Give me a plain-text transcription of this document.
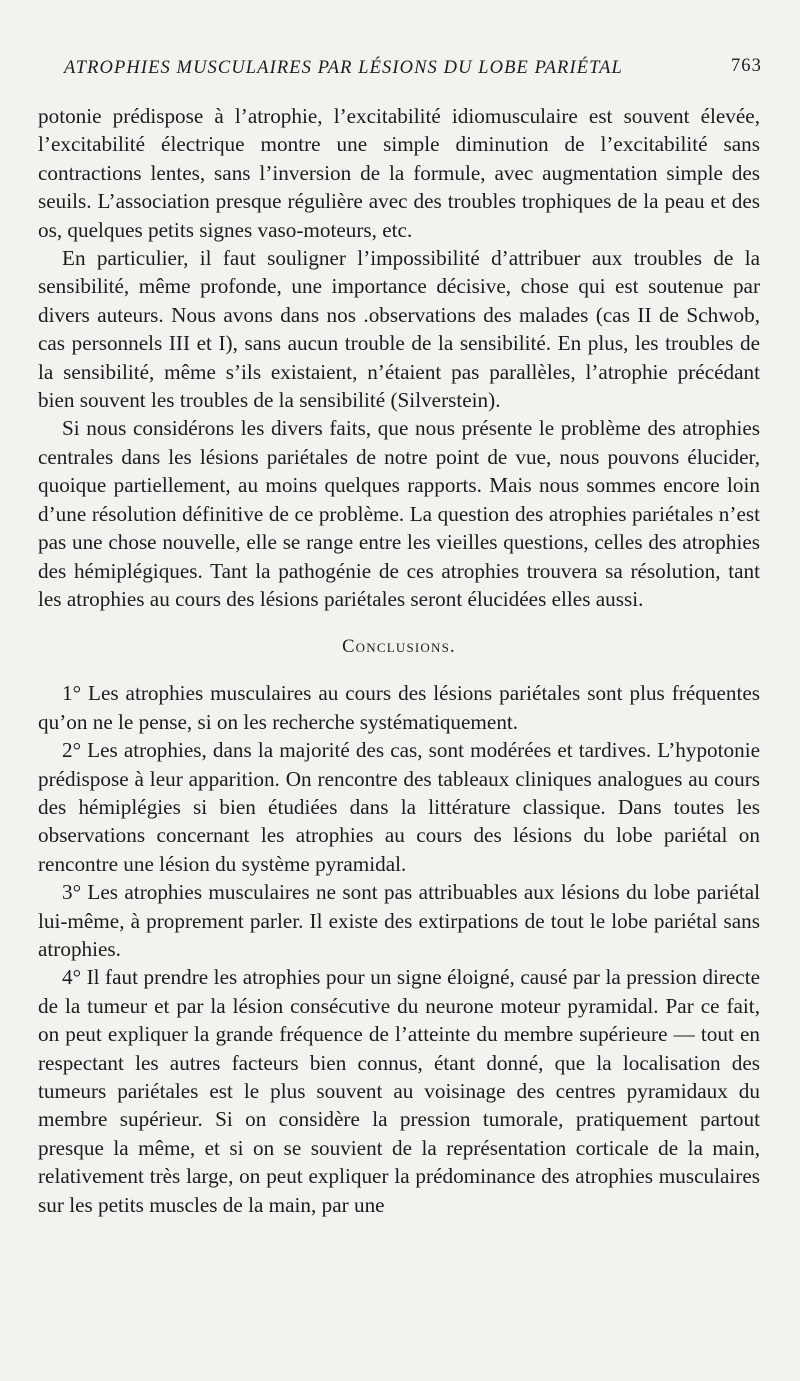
ATROPHIES MUSCULAIRES PAR LÉSIONS DU LOBE PARIÉTAL	763

potonie prédispose à l’atrophie, l’excitabilité idiomusculaire est souvent élevée, l’excitabilité électrique montre une simple diminution de l’excitabilité sans contractions lentes, sans l’inversion de la formule, avec augmentation simple des seuils. L’association presque régulière avec des troubles trophiques de la peau et des os, quelques petits signes vaso-moteurs, etc.

En particulier, il faut souligner l’impossibilité d’attribuer aux troubles de la sensibilité, même profonde, une importance décisive, chose qui est soutenue par divers auteurs. Nous avons dans nos .observations des malades (cas II de Schwob, cas personnels III et I), sans aucun trouble de la sensibilité. En plus, les troubles de la sensibilité, même s’ils existaient, n’étaient pas parallèles, l’atrophie précédant bien souvent les troubles de la sensibilité (Silverstein).

Si nous considérons les divers faits, que nous présente le problème des atrophies centrales dans les lésions pariétales de notre point de vue, nous pouvons élucider, quoique partiellement, au moins quelques rapports. Mais nous sommes encore loin d’une résolution définitive de ce problème. La question des atrophies pariétales n’est pas une chose nouvelle, elle se range entre les vieilles questions, celles des atrophies des hémiplégiques. Tant la pathogénie de ces atrophies trouvera sa résolution, tant les atrophies au cours des lésions pariétales seront élucidées elles aussi.

Conclusions.

1° Les atrophies musculaires au cours des lésions pariétales sont plus fréquentes qu’on ne le pense, si on les recherche systématiquement.

2° Les atrophies, dans la majorité des cas, sont modérées et tardives. L’hypotonie prédispose à leur apparition. On rencontre des tableaux cliniques analogues au cours des hémiplégies si bien étudiées dans la littérature classique. Dans toutes les observations concernant les atrophies au cours des lésions du lobe pariétal on rencontre une lésion du système pyramidal.

3° Les atrophies musculaires ne sont pas attribuables aux lésions du lobe pariétal lui-même, à proprement parler. Il existe des extirpations de tout le lobe pariétal sans atrophies.

4° Il faut prendre les atrophies pour un signe éloigné, causé par la pression directe de la tumeur et par la lésion consécutive du neurone moteur pyramidal. Par ce fait, on peut expliquer la grande fréquence de l’atteinte du membre supérieure — tout en respectant les autres facteurs bien connus, étant donné, que la localisation des tumeurs pariétales est le plus souvent au voisinage des centres pyramidaux du membre supérieur. Si on considère la pression tumorale, pratiquement partout presque la même, et si on se souvient de la représentation corticale de la main, relativement très large, on peut expliquer la prédominance des atrophies musculaires sur les petits muscles de la main, par une
